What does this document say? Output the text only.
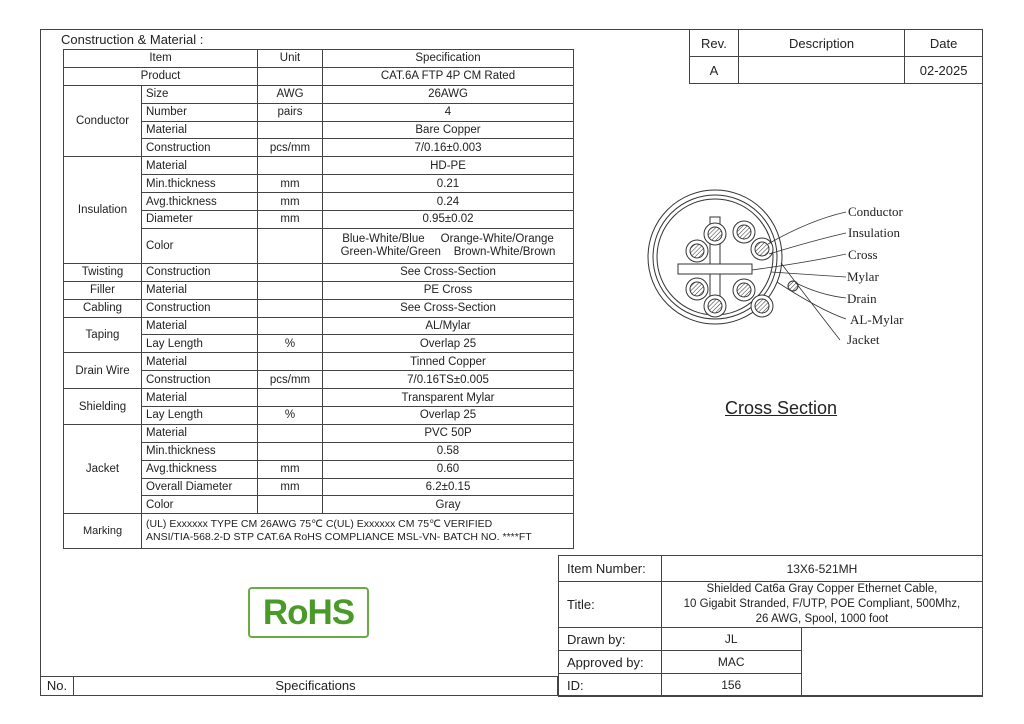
Construction & Material :
Item		Unit	Specification
Product			CAT.6A FTP 4P CM Rated
Conductor	Size	AWG	26AWG
	Number	pairs	4
	Material		Bare Copper
	Construction	pcs/mm	7/0.16±0.003
Insulation	Material		HD-PE
	Min.thickness	mm	0.21
	Avg.thickness	mm	0.24
	Diameter	mm	0.95±0.02
	Color		Blue-White/Blue Orange-White/Orange
Green-White/Green Brown-White/Brown
Twisting	Construction		See Cross-Section
Filler	Material		PE Cross
Cabling	Construction		See Cross-Section
Taping	Material		AL/Mylar
	Lay Length	%	Overlap 25
Drain Wire	Material		Tinned Copper
	Construction	pcs/mm	7/0.16TS±0.005
Shielding	Material		Transparent Mylar
	Lay Length	%	Overlap 25
Jacket	Material		PVC 50P
	Min.thickness		0.58
	Avg.thickness	mm	0.60
	Overall Diameter	mm	6.2±0.15
	Color		Gray
Marking	(UL) Exxxxxx TYPE CM 26AWG 75℃ C(UL) Exxxxxx CM 75℃ VERIFIED
ANSI/TIA-568.2-D STP CAT.6A RoHS COMPLIANCE MSL-VN- BATCH NO. ****FT		
Rev.	Description	Date
A		02-2025
Conductor
Insulation
Cross
Mylar
Drain
AL-Mylar
Jacket
Cross Section
RoHS
Item Number:	13X6-521MH	
Title:	Shielded Cat6a Gray Copper Ethernet Cable,
10 Gigabit Stranded, F/UTP, POE Compliant, 500Mhz,
26 AWG, Spool, 1000 foot	
Drawn by:	JL	
Approved by:	MAC	
ID:	156	
No.	Specifications
